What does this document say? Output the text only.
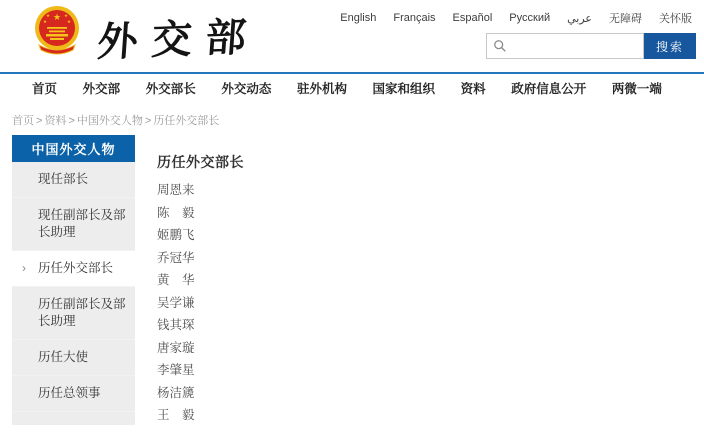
★
★	★
★	★ 外交部	English Français Español Русский عربي 无障碍 关怀版
搜索
首页 外交部 外交部长 外交动态 驻外机构 国家和组织 资料 政府信息公开 两微一端
首页 > 资料 > 中国外交人物 > 历任外交部长
中国外交人物
现任部长
现任副部长及部长助理
› 历任外交部长
历任副部长及部长助理
历任大使
历任总领事
历任外交部长
周恩来
陈　毅
姬鹏飞
乔冠华
黄　华
吴学谦
钱其琛
唐家璇
李肇星
杨洁篪
王　毅
